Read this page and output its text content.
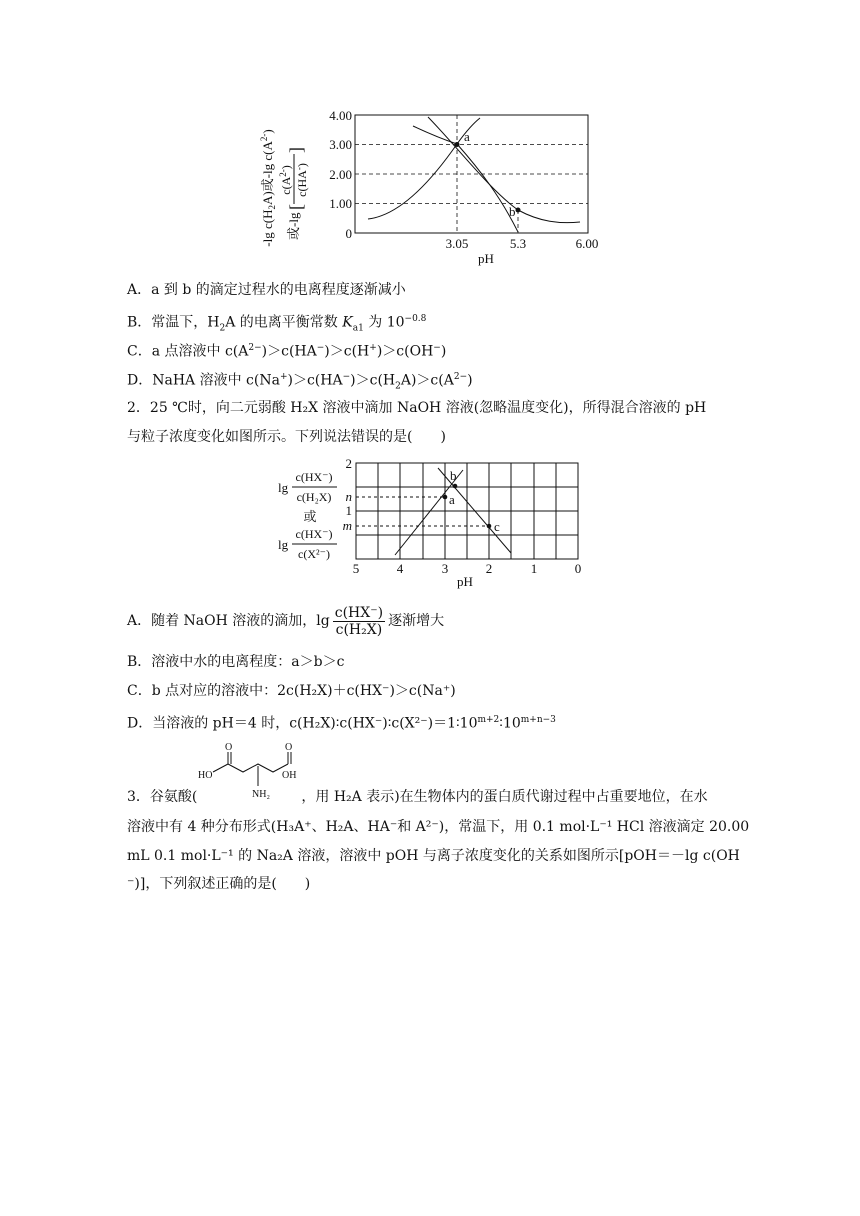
-lg $c(H_2A)$或-lg $c(A^{2-})$
或-lg
$c(A^{2-})$
c(HA-)
[
]
4.00
3.00
2.00
1.00
0
3.05	5.3	6.00
pH
a
b
A．a 到 b 的滴定过程水的电离程度逐渐减小
B．常温下，$H_2A$ 的电离平衡常数 $K_{a1}$ 为 $10^{-0.8}$
C．a 点溶液中 $c(A^{2-})>c(HA^-)>c(H^+)>c(OH^-)$
D．NaHA 溶液中 $c(Na^+)>c(HA^-)>c(H_2A)>c(A^{2-})$
2．25 ℃时，向二元弱酸 H₂X 溶液中滴加 NaOH 溶液(忽略温度变化)，所得混合溶液的 pH
与粒子浓度变化如图所示。下列说法错误的是(　　)
lg
c(HX⁻)
c(H₂X)
或
lg
c(HX⁻)
c(X²⁻)
a
b
c
2
n
1
m
5	4	3	2	1	0
pH
A．随着 NaOH 溶液的滴加，$\lg \frac{c(HX^-)}{\text{c(H₂X)}}$ 逐渐增大
B．溶液中水的电离程度：a＞b＞c
C．b 点对应的溶液中：2c(H₂X)＋c(HX⁻)＞c(Na⁺)
D．当溶液的 pH＝4 时，$c(H_2X)∶c(HX^-)∶c(X^{2-})=1∶10^{m+2}∶10^{m+n-3}$
O	O
HO	OH
NH₂
3．谷氨酸(	，用 H₂A 表示)在生物体内的蛋白质代谢过程中占重要地位，在水
溶液中有 4 种分布形式(H₃A⁺、H₂A、HA⁻和 A²⁻)，常温下，用 0.1 mol·L⁻¹ HCl 溶液滴定 20.00
mL 0.1 mol·L⁻¹ 的 Na₂A 溶液，溶液中 pOH 与离子浓度变化的关系如图所示[pOH＝－lg c(OH
⁻)]，下列叙述正确的是(　　)
